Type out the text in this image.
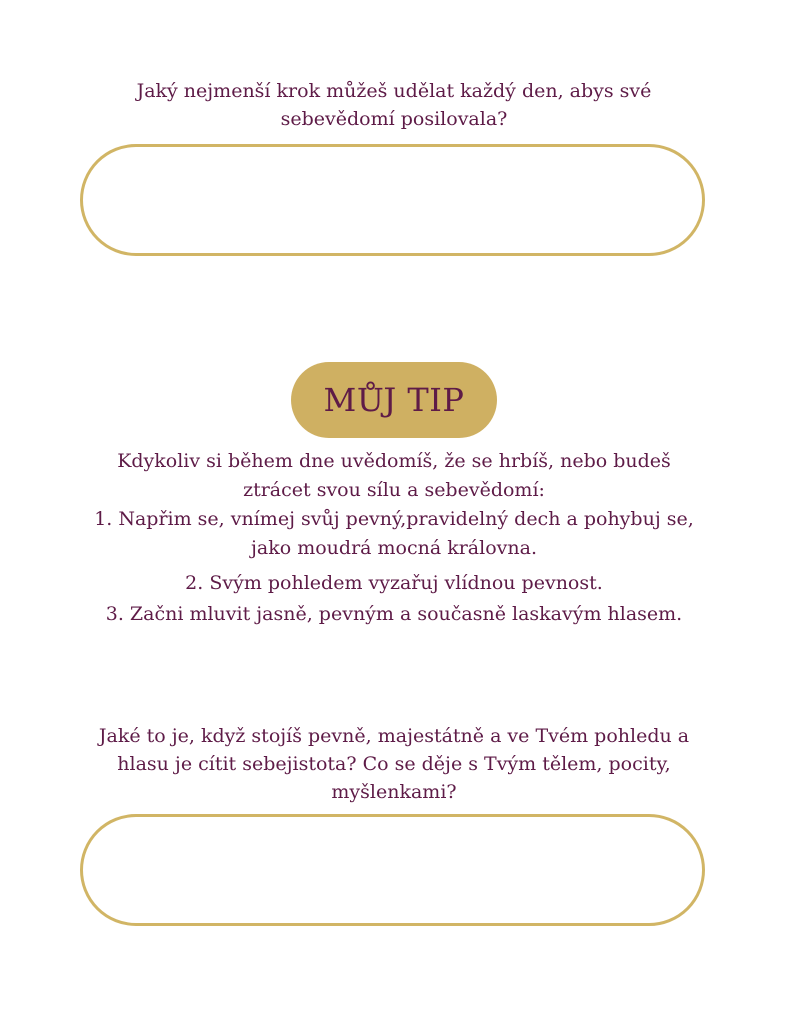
Jaký nejmenší krok můžeš udělat každý den, abys své
sebevědomí posilovala?

MŮJ TIP
Kdykoliv si během dne uvědomíš, že se hrbíš, nebo budeš
ztrácet svou sílu a sebevědomí:
1. Napřim se, vnímej svůj pevný,pravidelný dech a pohybuj se,
jako moudrá mocná královna.
2. Svým pohledem vyzařuj vlídnou pevnost.
3. Začni mluvit jasně, pevným a současně laskavým hlasem.

Jaké to je, když stojíš pevně, majestátně a ve Tvém pohledu a
hlasu je cítit sebejistota? Co se děje s Tvým tělem, pocity,
myšlenkami?
